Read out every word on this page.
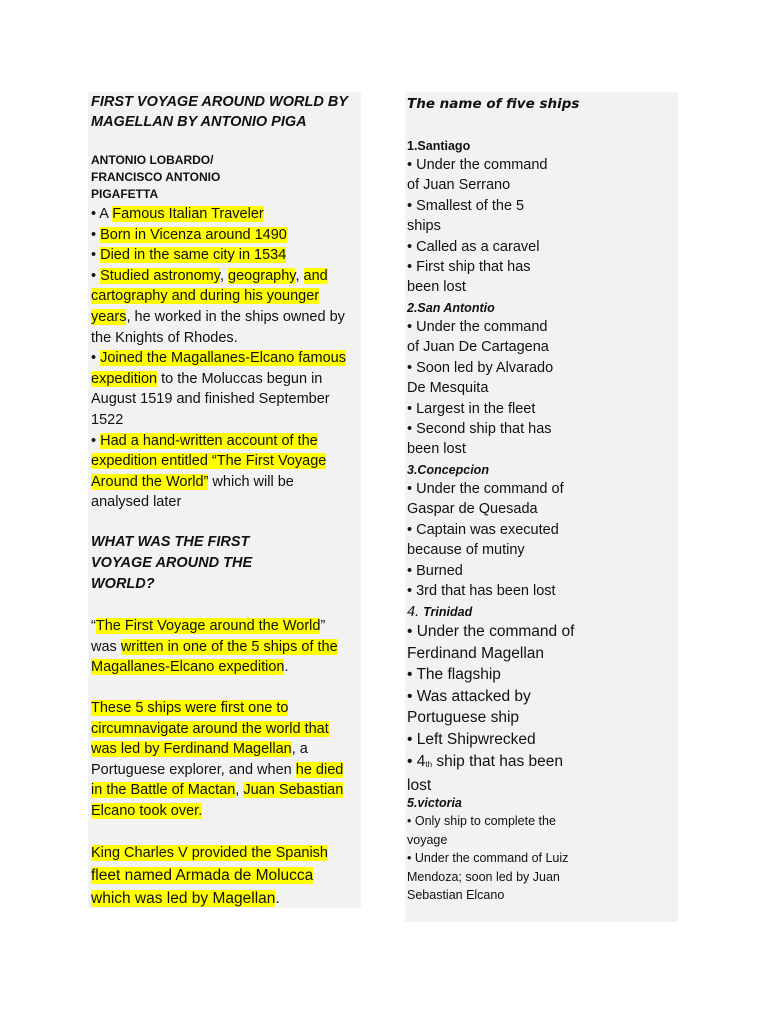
FIRST VOYAGE AROUND WORLD BY
MAGELLAN BY ANTONIO PIGA
ANTONIO LOBARDO/
FRANCISCO ANTONIO
PIGAFETTA
• A Famous Italian Traveler
• Born in Vicenza around 1490
• Died in the same city in 1534
• Studied astronomy, geography, and
cartography and during his younger
years, he worked in the ships owned by
the Knights of Rhodes.
• Joined the Magallanes-Elcano famous
expedition to the Moluccas begun in
August 1519 and finished September
1522
• Had a hand-written account of the
expedition entitled “The First Voyage
Around the World” which will be
analysed later
WHAT WAS THE FIRST
VOYAGE AROUND THE
WORLD?
“The First Voyage around the World”
was written in one of the 5 ships of the
Magallanes-Elcano expedition.
These 5 ships were first one to
circumnavigate around the world that
was led by Ferdinand Magellan, a
Portuguese explorer, and when he died
in the Battle of Mactan, Juan Sebastian
Elcano took over.
King Charles V provided the Spanish
fleet named Armada de Molucca
which was led by Magellan.
The name of five ships
1.Santiago
• Under the command
of Juan Serrano
• Smallest of the 5
ships
• Called as a caravel
• First ship that has
been lost
2.San Antontio
• Under the command
of Juan De Cartagena
• Soon led by Alvarado
De Mesquita
• Largest in the fleet
• Second ship that has
been lost
3.Concepcion
• Under the command of
Gaspar de Quesada
• Captain was executed
because of mutiny
• Burned
• 3rd that has been lost
4. Trinidad
• Under the command of
Ferdinand Magellan
• The flagship
• Was attacked by
Portuguese ship
• Left Shipwrecked
• $4_{th}$ ship that has been
lost
5.victoria
• Only ship to complete the
voyage
• Under the command of Luiz
Mendoza; soon led by Juan
Sebastian Elcano
